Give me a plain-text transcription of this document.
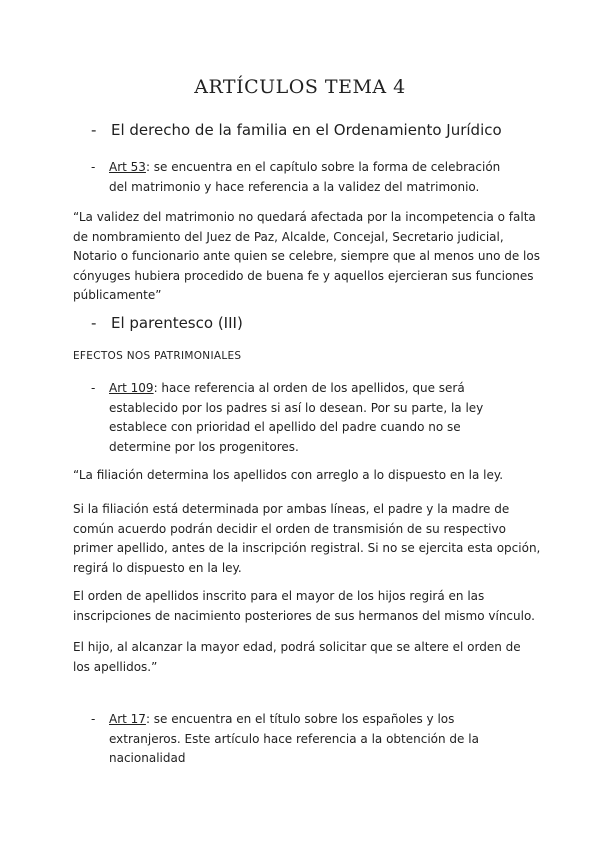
ARTÍCULOS TEMA 4
- El derecho de la familia en el Ordenamiento Jurídico
- Art 53: se encuentra en el capítulo sobre la forma de celebración del matrimonio y hace referencia a la validez del matrimonio.
“La validez del matrimonio no quedará afectada por la incompetencia o falta de nombramiento del Juez de Paz, Alcalde, Concejal, Secretario judicial, Notario o funcionario ante quien se celebre, siempre que al menos uno de los cónyuges hubiera procedido de buena fe y aquellos ejercieran sus funciones públicamente”
- El parentesco (III)
EFECTOS NOS PATRIMONIALES
- Art 109: hace referencia al orden de los apellidos, que será establecido por los padres si así lo desean. Por su parte, la ley establece con prioridad el apellido del padre cuando no se determine por los progenitores.
“La filiación determina los apellidos con arreglo a lo dispuesto en la ley.
Si la filiación está determinada por ambas líneas, el padre y la madre de común acuerdo podrán decidir el orden de transmisión de su respectivo primer apellido, antes de la inscripción registral. Si no se ejercita esta opción, regirá lo dispuesto en la ley.
El orden de apellidos inscrito para el mayor de los hijos regirá en las inscripciones de nacimiento posteriores de sus hermanos del mismo vínculo.
El hijo, al alcanzar la mayor edad, podrá solicitar que se altere el orden de los apellidos.”
- Art 17: se encuentra en el título sobre los españoles y los extranjeros. Este artículo hace referencia a la obtención de la nacionalidad
